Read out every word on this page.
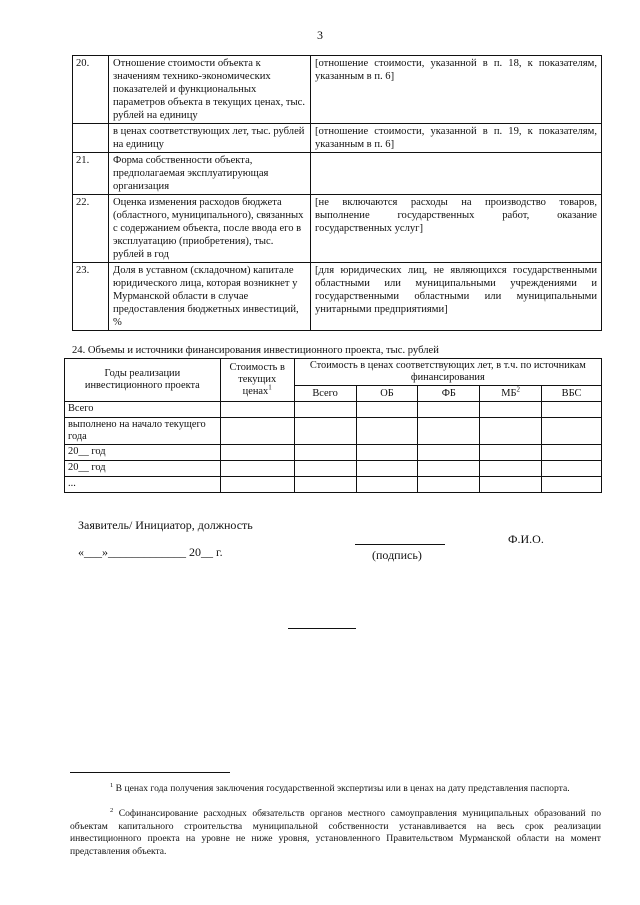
3
20.	Отношение стоимости объекта к значениям технико-экономических показателей и функциональных параметров объекта в текущих ценах, тыс. рублей на единицу	[отношение стоимости, указанной в п. 18, к показателям, указанным в п. 6]
	в ценах соответствующих лет, тыс. рублей на единицу	[отношение стоимости, указанной в п. 19, к показателям, указанным в п. 6]
21.	Форма собственности объекта, предполагаемая эксплуатирующая организация	
22.	Оценка изменения расходов бюджета (областного, муниципального), связанных с содержанием объекта, после ввода его в эксплуатацию (приобретения), тыс. рублей в год	[не включаются расходы на производство товаров, выполнение государственных работ, оказание государственных услуг]
23.	Доля в уставном (складочном) капитале юридического лица, которая возникнет у Мурманской области в случае предоставления бюджетных инвестиций, %	[для юридических лиц, не являющихся государственными областными или муниципальными учреждениями и государственными областными или муниципальными унитарными предприятиями]
24. Объемы и источники финансирования инвестиционного проекта, тыс. рублей
Годы реализации инвестиционного проекта	Стоимость в текущих ценах$^1$	Стоимость в ценах соответствующих лет, в т.ч. по источникам финансирования				
		Всего	ОБ	ФБ	$МБ^2$	ВБС
Всего						
выполнено на начало текущего года						
20__ год						
20__ год						
...						
Заявитель/ Инициатор, должность
«___»_____________ 20__ г.	(подпись)
Ф.И.О.
$^1$ В ценах года получения заключения государственной экспертизы или в ценах на дату представления паспорта.
$^2$ Софинансирование расходных обязательств органов местного самоуправления муниципальных образований по объектам капитального строительства муниципальной собственности устанавливается на весь срок реализации инвестиционного проекта на уровне не ниже уровня, установленного Правительством Мурманской области на момент представления объекта.
